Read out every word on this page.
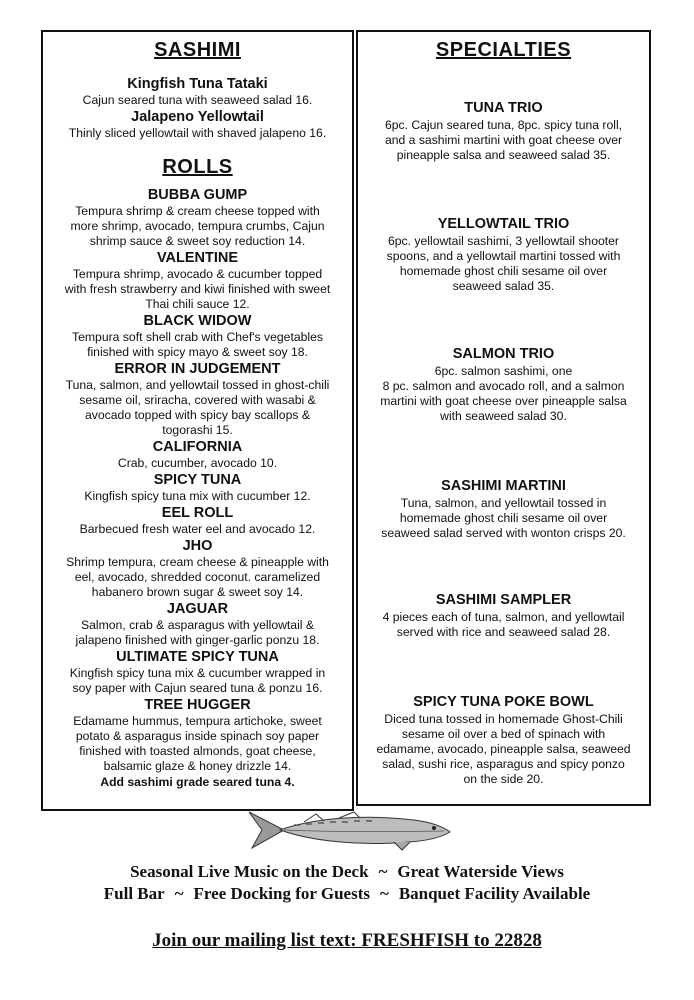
SASHIMI
Kingfish Tuna Tataki
Cajun seared tuna with seaweed salad 16.
Jalapeno Yellowtail
Thinly sliced yellowtail with shaved jalapeno 16.
ROLLS
BUBBA GUMP
Tempura shrimp & cream cheese topped with
more shrimp, avocado, tempura crumbs, Cajun
shrimp sauce & sweet soy reduction 14.
VALENTINE
Tempura shrimp, avocado & cucumber topped
with fresh strawberry and kiwi finished with sweet
Thai chili sauce 12.
BLACK WIDOW
Tempura soft shell crab with Chef's vegetables
finished with spicy mayo & sweet soy 18.
ERROR IN JUDGEMENT
Tuna, salmon, and yellowtail tossed in ghost-chili
sesame oil, sriracha, covered with wasabi &
avocado topped with spicy bay scallops &
togorashi 15.
CALIFORNIA
Crab, cucumber, avocado 10.
SPICY TUNA
Kingfish spicy tuna mix with cucumber 12.
EEL ROLL
Barbecued fresh water eel and avocado 12.
JHO
Shrimp tempura, cream cheese & pineapple with
eel, avocado, shredded coconut. caramelized
habanero brown sugar & sweet soy 14.
JAGUAR
Salmon, crab & asparagus with yellowtail &
jalapeno finished with ginger-garlic ponzu 18.
ULTIMATE SPICY TUNA
Kingfish spicy tuna mix & cucumber wrapped in
soy paper with Cajun seared tuna & ponzu 16.
TREE HUGGER
Edamame hummus, tempura artichoke, sweet
potato & asparagus inside spinach soy paper
finished with toasted almonds, goat cheese,
balsamic glaze & honey drizzle 14.
Add sashimi grade seared tuna 4.
SPECIALTIES
TUNA TRIO
6pc. Cajun seared tuna, 8pc. spicy tuna roll,
and a sashimi martini with goat cheese over
pineapple salsa and seaweed salad 35.
YELLOWTAIL TRIO
6pc. yellowtail sashimi, 3 yellowtail shooter
spoons, and a yellowtail martini tossed with
homemade ghost chili sesame oil over
seaweed salad 35.
SALMON TRIO
6pc. salmon sashimi, one
8 pc. salmon and avocado roll, and a salmon
martini with goat cheese over pineapple salsa
with seaweed salad 30.
SASHIMI MARTINI
Tuna, salmon, and yellowtail tossed in
homemade ghost chili sesame oil over
seaweed salad served with wonton crisps 20.
SASHIMI SAMPLER
4 pieces each of tuna, salmon, and yellowtail
served with rice and seaweed salad 28.
SPICY TUNA POKE BOWL
Diced tuna tossed in homemade Ghost-Chili
sesame oil over a bed of spinach with
edamame, avocado, pineapple salsa, seaweed
salad, sushi rice, asparagus and spicy ponzo
on the side 20.
Seasonal Live Music on the Deck ~ Great Waterside Views
Full Bar ~ Free Docking for Guests ~ Banquet Facility Available
Join our mailing list text: FRESHFISH to 22828
